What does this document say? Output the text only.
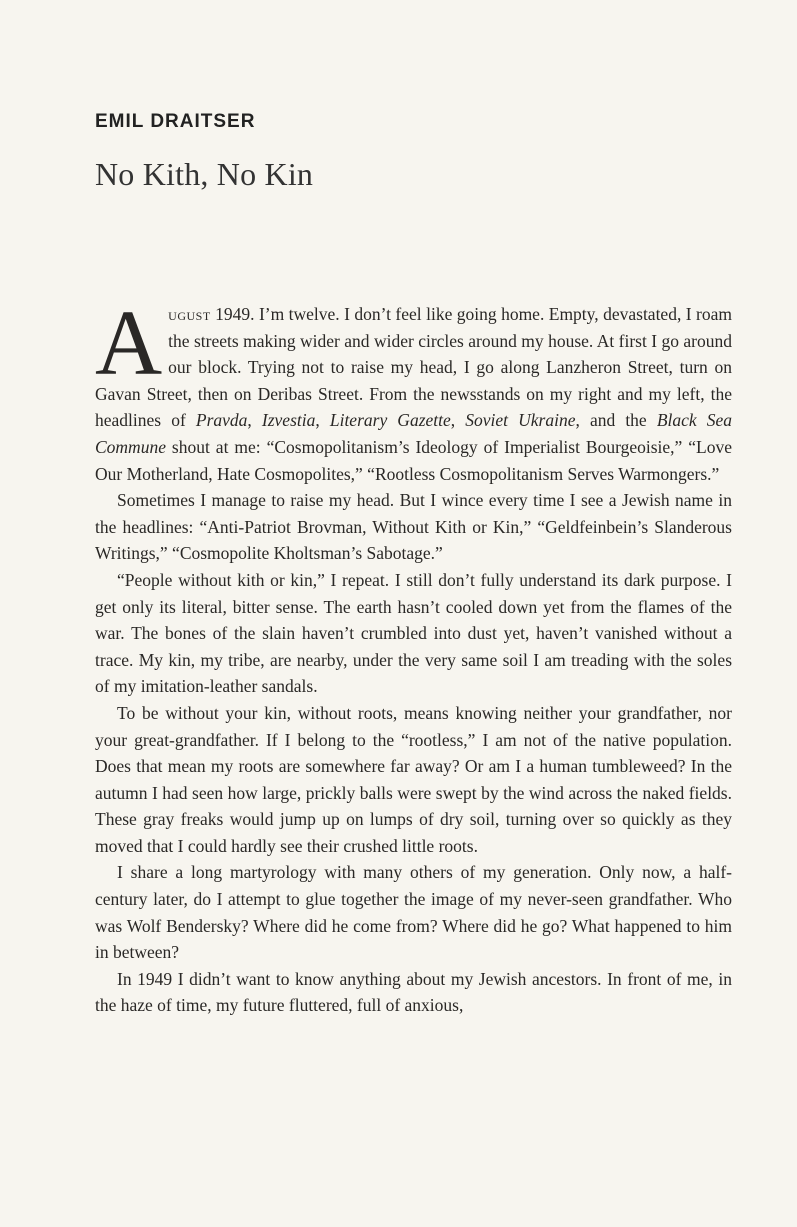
EMIL DRAITSER
No Kith, No Kin

August 1949. I’m twelve. I don’t feel like going home. Empty, devastated, I roam the streets making wider and wider circles around my house. At first I go around our block. Trying not to raise my head, I go along Lanzheron Street, turn on Gavan Street, then on Deribas Street. From the newsstands on my right and my left, the headlines of Pravda, Izvestia, Literary Gazette, Soviet Ukraine, and the Black Sea Commune shout at me: “Cosmopolitanism’s Ideology of Imperialist Bourgeoisie,” “Love Our Motherland, Hate Cosmopolites,” “Rootless Cosmopolitanism Serves Warmongers.”

Sometimes I manage to raise my head. But I wince every time I see a Jewish name in the headlines: “Anti-Patriot Brovman, Without Kith or Kin,” “Geldfeinbein’s Slanderous Writings,” “Cosmopolite Kholtsman’s Sabotage.”

“People without kith or kin,” I repeat. I still don’t fully understand its dark purpose. I get only its literal, bitter sense. The earth hasn’t cooled down yet from the flames of the war. The bones of the slain haven’t crumbled into dust yet, haven’t vanished without a trace. My kin, my tribe, are nearby, under the very same soil I am treading with the soles of my imitation-leather sandals.

To be without your kin, without roots, means knowing neither your grandfather, nor your great-grandfather. If I belong to the “rootless,” I am not of the native population. Does that mean my roots are somewhere far away? Or am I a human tumbleweed? In the autumn I had seen how large, prickly balls were swept by the wind across the naked fields. These gray freaks would jump up on lumps of dry soil, turning over so quickly as they moved that I could hardly see their crushed little roots.

I share a long martyrology with many others of my generation. Only now, a half-century later, do I attempt to glue together the image of my never-seen grandfather. Who was Wolf Bendersky? Where did he come from? Where did he go? What happened to him in between?

In 1949 I didn’t want to know anything about my Jewish ancestors. In front of me, in the haze of time, my future fluttered, full of anxious,
